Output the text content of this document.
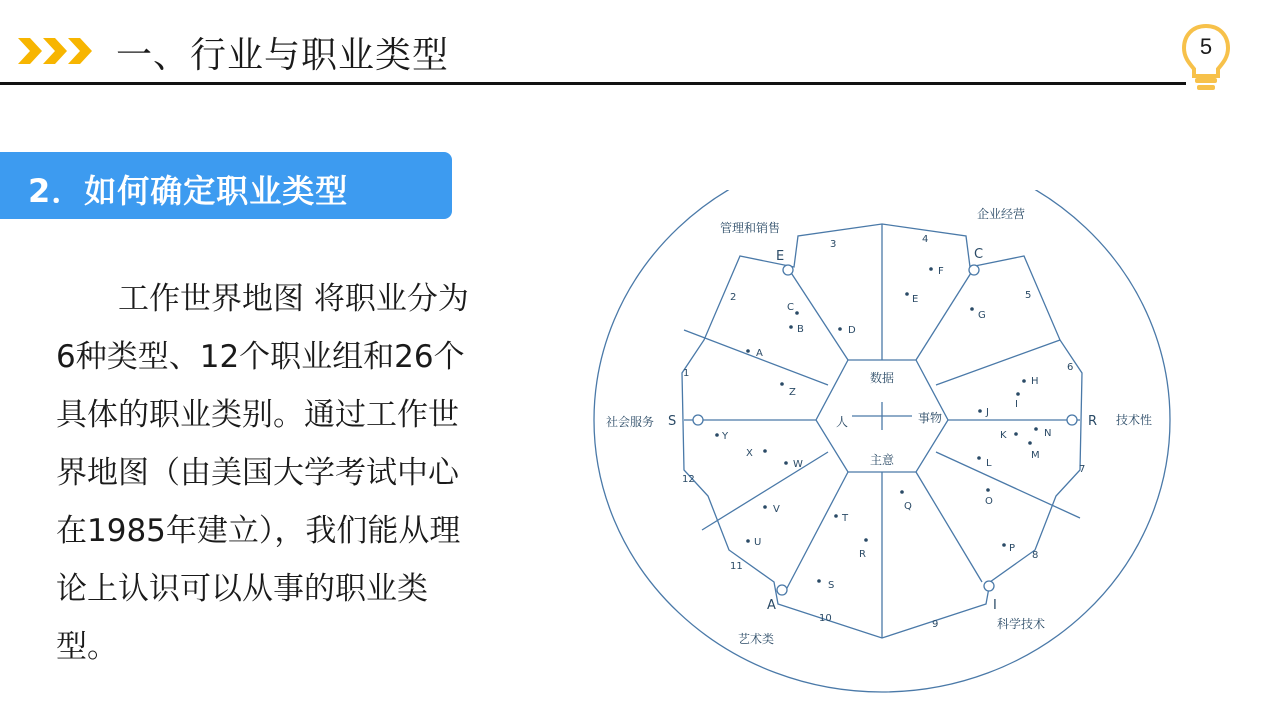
一、行业与职业类型	5
2．如何确定职业类型

工作世界地图 将职业分为6种类型、12个职业组和26个具体的职业类别。通过工作世界地图（由美国大学考试中心在1985年建立），我们能从理论上认识可以从事的职业类型。

数据
主意
人	事物
E	C
R
I
A
S
管理和销售
企业经营
技术性
科学技术
艺术类
社会服务
1
2
3	4
5
6
7
8
9
10
11
12
A
B
C
D
E
F
G
H
I
J
K
L
M
N
O
P
Q
R
S
T
U
V
W
X
Y
Z
